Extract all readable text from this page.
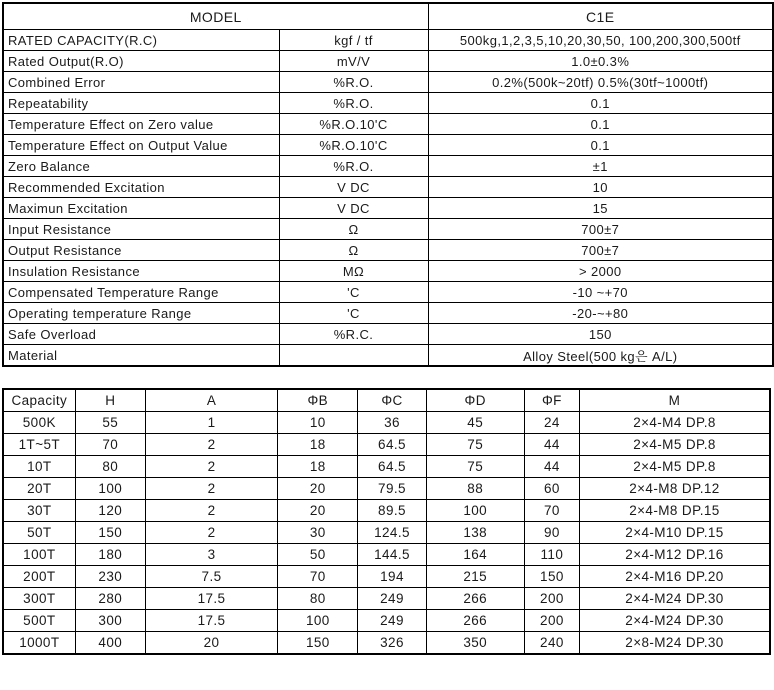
MODEL		C1E
RATED CAPACITY(R.C)	kgf / tf	500kg,1,2,3,5,10,20,30,50, 100,200,300,500tf
Rated Output(R.O)	mV/V	1.0±0.3%
Combined Error	%R.O.	0.2%(500k~20tf) 0.5%(30tf~1000tf)
Repeatability	%R.O.	0.1
Temperature Effect on Zero value	%R.O.10'C	0.1
Temperature Effect on Output Value	%R.O.10'C	0.1
Zero Balance	%R.O.	±1
Recommended Excitation	V DC	10
Maximun Excitation	V DC	15
Input Resistance	Ω	700±7
Output Resistance	Ω	700±7
Insulation Resistance	MΩ	> 2000
Compensated Temperature Range	'C	-10 ~+70
Operating temperature Range	'C	-20-~+80
Safe Overload	%R.C.	150
Material		Alloy Steel(500 kg은 A/L)
Capacity	H	A	ΦB	ΦC	ΦD	ΦF	M
500K	55	1	10	36	45	24	2×4-M4 DP.8
1T~5T	70	2	18	64.5	75	44	2×4-M5 DP.8
10T	80	2	18	64.5	75	44	2×4-M5 DP.8
20T	100	2	20	79.5	88	60	2×4-M8 DP.12
30T	120	2	20	89.5	100	70	2×4-M8 DP.15
50T	150	2	30	124.5	138	90	2×4-M10 DP.15
100T	180	3	50	144.5	164	110	2×4-M12 DP.16
200T	230	7.5	70	194	215	150	2×4-M16 DP.20
300T	280	17.5	80	249	266	200	2×4-M24 DP.30
500T	300	17.5	100	249	266	200	2×4-M24 DP.30
1000T	400	20	150	326	350	240	2×8-M24 DP.30
